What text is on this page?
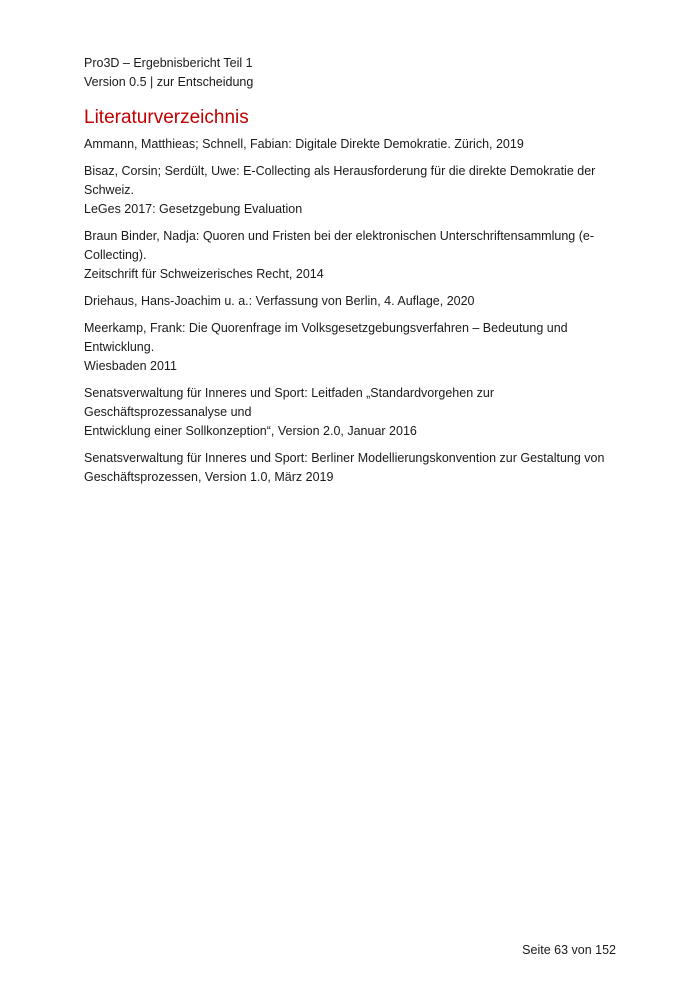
Pro3D – Ergebnisbericht Teil 1
Version 0.5 | zur Entscheidung
Literaturverzeichnis
Ammann, Matthieas; Schnell, Fabian: Digitale Direkte Demokratie. Zürich, 2019
Bisaz, Corsin; Serdült, Uwe: E-Collecting als Herausforderung für die direkte Demokratie der Schweiz.
LeGes 2017: Gesetzgebung Evaluation
Braun Binder, Nadja: Quoren und Fristen bei der elektronischen Unterschriftensammlung (e-Collecting).
Zeitschrift für Schweizerisches Recht, 2014
Driehaus, Hans-Joachim u. a.: Verfassung von Berlin, 4. Auflage, 2020
Meerkamp, Frank: Die Quorenfrage im Volksgesetzgebungsverfahren – Bedeutung und Entwicklung.
Wiesbaden 2011
Senatsverwaltung für Inneres und Sport: Leitfaden „Standardvorgehen zur Geschäftsprozessanalyse und
Entwicklung einer Sollkonzeption“, Version 2.0, Januar 2016
Senatsverwaltung für Inneres und Sport: Berliner Modellierungskonvention zur Gestaltung von
Geschäftsprozessen, Version 1.0, März 2019
Seite 63 von 152
